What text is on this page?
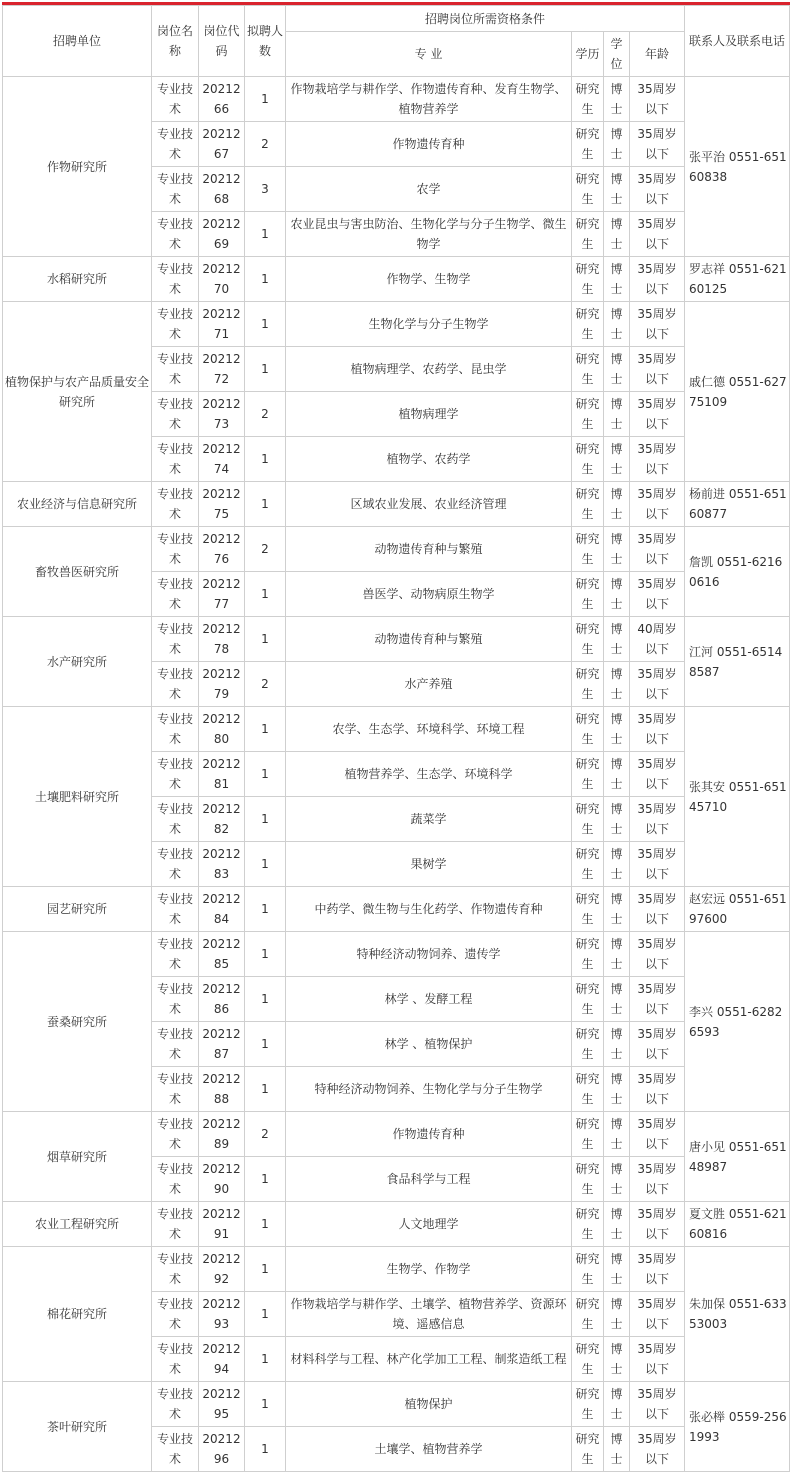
招聘单位	岗位名称	岗位代码	拟聘人数	招聘岗位所需资格条件				联系人及联系电话
				专 业	学历	学位	年龄	
作物研究所	专业技术	2021266	1	作物栽培学与耕作学、作物遗传育种、发育生物学、植物营养学	研究生	博士	35周岁以下	张平治 0551-65160838
	专业技术	2021267	2	作物遗传育种	研究生	博士	35周岁以下	
	专业技术	2021268	3	农学	研究生	博士	35周岁以下	
	专业技术	2021269	1	农业昆虫与害虫防治、生物化学与分子生物学、微生物学	研究生	博士	35周岁以下	
水稻研究所	专业技术	2021270	1	作物学、生物学	研究生	博士	35周岁以下	罗志祥 0551-62160125
植物保护与农产品质量安全研究所	专业技术	2021271	1	生物化学与分子生物学	研究生	博士	35周岁以下	戚仁德 0551-62775109
	专业技术	2021272	1	植物病理学、农药学、昆虫学	研究生	博士	35周岁以下	
	专业技术	2021273	2	植物病理学	研究生	博士	35周岁以下	
	专业技术	2021274	1	植物学、农药学	研究生	博士	35周岁以下	
农业经济与信息研究所	专业技术	2021275	1	区域农业发展、农业经济管理	研究生	博士	35周岁以下	杨前进 0551-65160877
畜牧兽医研究所	专业技术	2021276	2	动物遗传育种与繁殖	研究生	博士	35周岁以下	詹凯 0551-62160616
	专业技术	2021277	1	兽医学、动物病原生物学	研究生	博士	35周岁以下	
水产研究所	专业技术	2021278	1	动物遗传育种与繁殖	研究生	博士	40周岁以下	江河 0551-65148587
	专业技术	2021279	2	水产养殖	研究生	博士	35周岁以下	
土壤肥料研究所	专业技术	2021280	1	农学、生态学、环境科学、环境工程	研究生	博士	35周岁以下	张其安 0551-65145710
	专业技术	2021281	1	植物营养学、生态学、环境科学	研究生	博士	35周岁以下	
	专业技术	2021282	1	蔬菜学	研究生	博士	35周岁以下	
	专业技术	2021283	1	果树学	研究生	博士	35周岁以下	
园艺研究所	专业技术	2021284	1	中药学、微生物与生化药学、作物遗传育种	研究生	博士	35周岁以下	赵宏远 0551-65197600
蚕桑研究所	专业技术	2021285	1	特种经济动物饲养、遗传学	研究生	博士	35周岁以下	李兴 0551-62826593
	专业技术	2021286	1	林学 、发酵工程	研究生	博士	35周岁以下	
	专业技术	2021287	1	林学 、植物保护	研究生	博士	35周岁以下	
	专业技术	2021288	1	特种经济动物饲养、生物化学与分子生物学	研究生	博士	35周岁以下	
烟草研究所	专业技术	2021289	2	作物遗传育种	研究生	博士	35周岁以下	唐小见 0551-65148987
	专业技术	2021290	1	食品科学与工程	研究生	博士	35周岁以下	
农业工程研究所	专业技术	2021291	1	人文地理学	研究生	博士	35周岁以下	夏文胜 0551-62160816
棉花研究所	专业技术	2021292	1	生物学、作物学	研究生	博士	35周岁以下	朱加保 0551-63353003
	专业技术	2021293	1	作物栽培学与耕作学、土壤学、植物营养学、资源环境、遥感信息	研究生	博士	35周岁以下	
	专业技术	2021294	1	材料科学与工程、林产化学加工工程、制浆造纸工程	研究生	博士	35周岁以下	
茶叶研究所	专业技术	2021295	1	植物保护	研究生	博士	35周岁以下	张必榉 0559-2561993
	专业技术	2021296	1	土壤学、植物营养学	研究生	博士	35周岁以下	
